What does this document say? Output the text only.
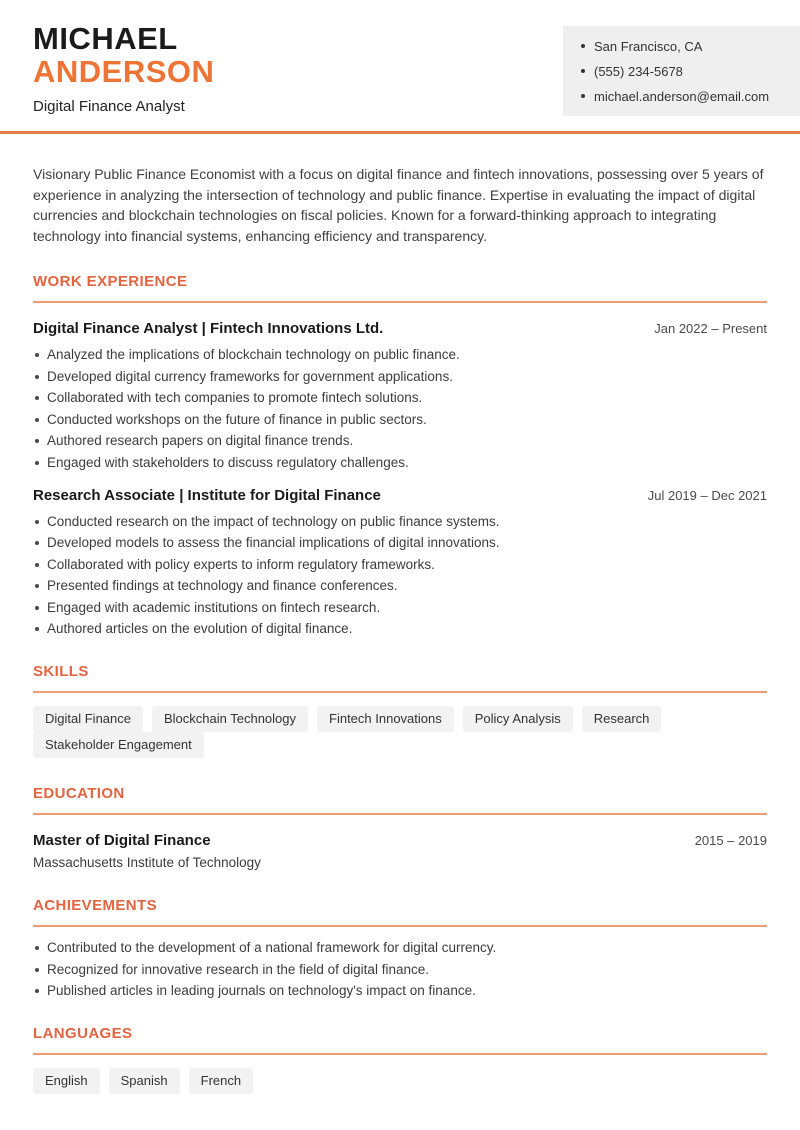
MICHAEL
ANDERSON
Digital Finance Analyst
San Francisco, CA
(555) 234-5678
michael.anderson@email.com

Visionary Public Finance Economist with a focus on digital finance and fintech innovations, possessing over 5 years of experience in analyzing the intersection of technology and public finance. Expertise in evaluating the impact of digital currencies and blockchain technologies on fiscal policies. Known for a forward-thinking approach to integrating technology into financial systems, enhancing efficiency and transparency.

WORK EXPERIENCE
Digital Finance Analyst | Fintech Innovations Ltd.	Jan 2022 – Present
Analyzed the implications of blockchain technology on public finance.
Developed digital currency frameworks for government applications.
Collaborated with tech companies to promote fintech solutions.
Conducted workshops on the future of finance in public sectors.
Authored research papers on digital finance trends.
Engaged with stakeholders to discuss regulatory challenges.
Research Associate | Institute for Digital Finance	Jul 2019 – Dec 2021
Conducted research on the impact of technology on public finance systems.
Developed models to assess the financial implications of digital innovations.
Collaborated with policy experts to inform regulatory frameworks.
Presented findings at technology and finance conferences.
Engaged with academic institutions on fintech research.
Authored articles on the evolution of digital finance.
SKILLS
Digital Finance	Blockchain Technology	Fintech Innovations	Policy Analysis	Research
Stakeholder Engagement
EDUCATION
Master of Digital Finance	2015 – 2019
Massachusetts Institute of Technology
ACHIEVEMENTS
Contributed to the development of a national framework for digital currency.
Recognized for innovative research in the field of digital finance.
Published articles in leading journals on technology's impact on finance.
LANGUAGES
English	Spanish	French
